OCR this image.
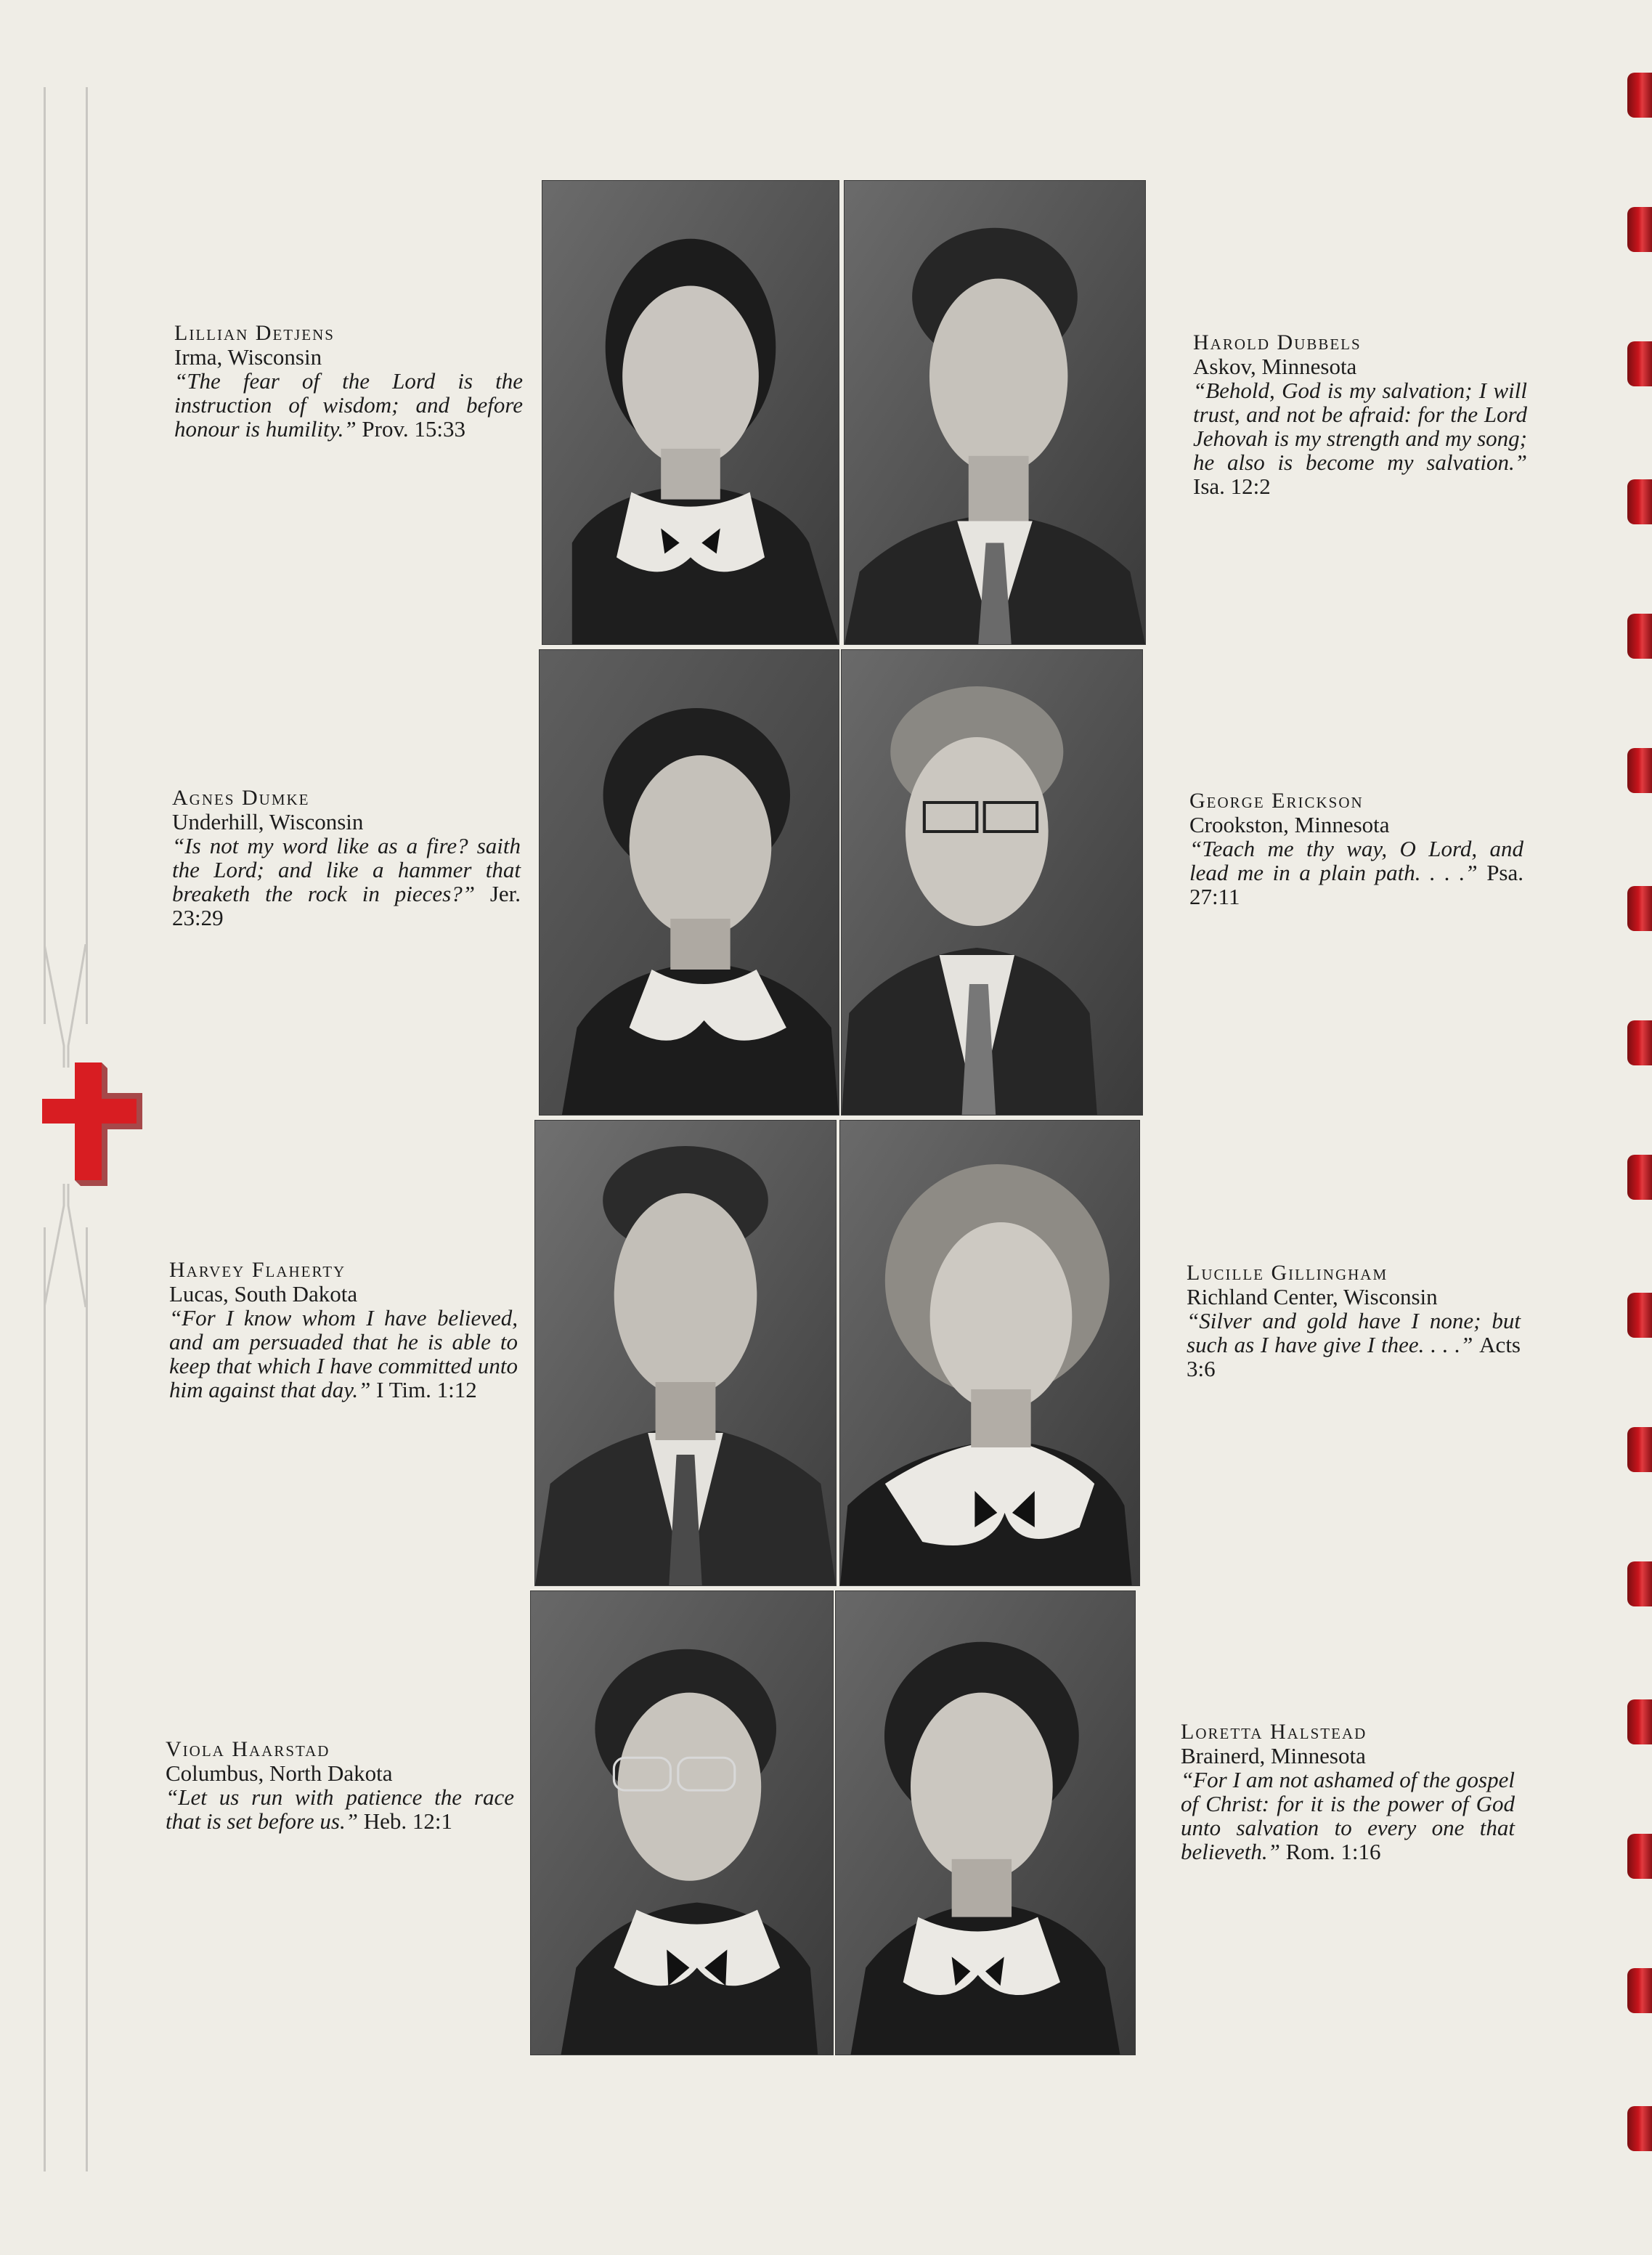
Lillian Detjens
Irma, Wisconsin
“The fear of the Lord is the instruction of wisdom; and before honour is humility.” Prov. 15:33
Harold Dubbels
Askov, Minnesota
“Behold, God is my salvation; I will trust, and not be afraid: for the Lord Jehovah is my strength and my song; he also is become my salvation.” Isa. 12:2
Agnes Dumke
Underhill, Wisconsin
“Is not my word like as a fire? saith the Lord; and like a hammer that breaketh the rock in pieces?” Jer. 23:29
George Erickson
Crookston, Minnesota
“Teach me thy way, O Lord, and lead me in a plain path. . . .” Psa. 27:11
Harvey Flaherty
Lucas, South Dakota
“For I know whom I have believed, and am persuaded that he is able to keep that which I have committed unto him against that day.” I Tim. 1:12
Lucille Gillingham
Richland Center, Wisconsin
“Silver and gold have I none; but such as I have give I thee. . . .” Acts 3:6
Viola Haarstad
Columbus, North Dakota
“Let us run with patience the race that is set before us.” Heb. 12:1
Loretta Halstead
Brainerd, Minnesota
“For I am not ashamed of the gospel of Christ: for it is the power of God unto salvation to every one that believeth.” Rom. 1:16
